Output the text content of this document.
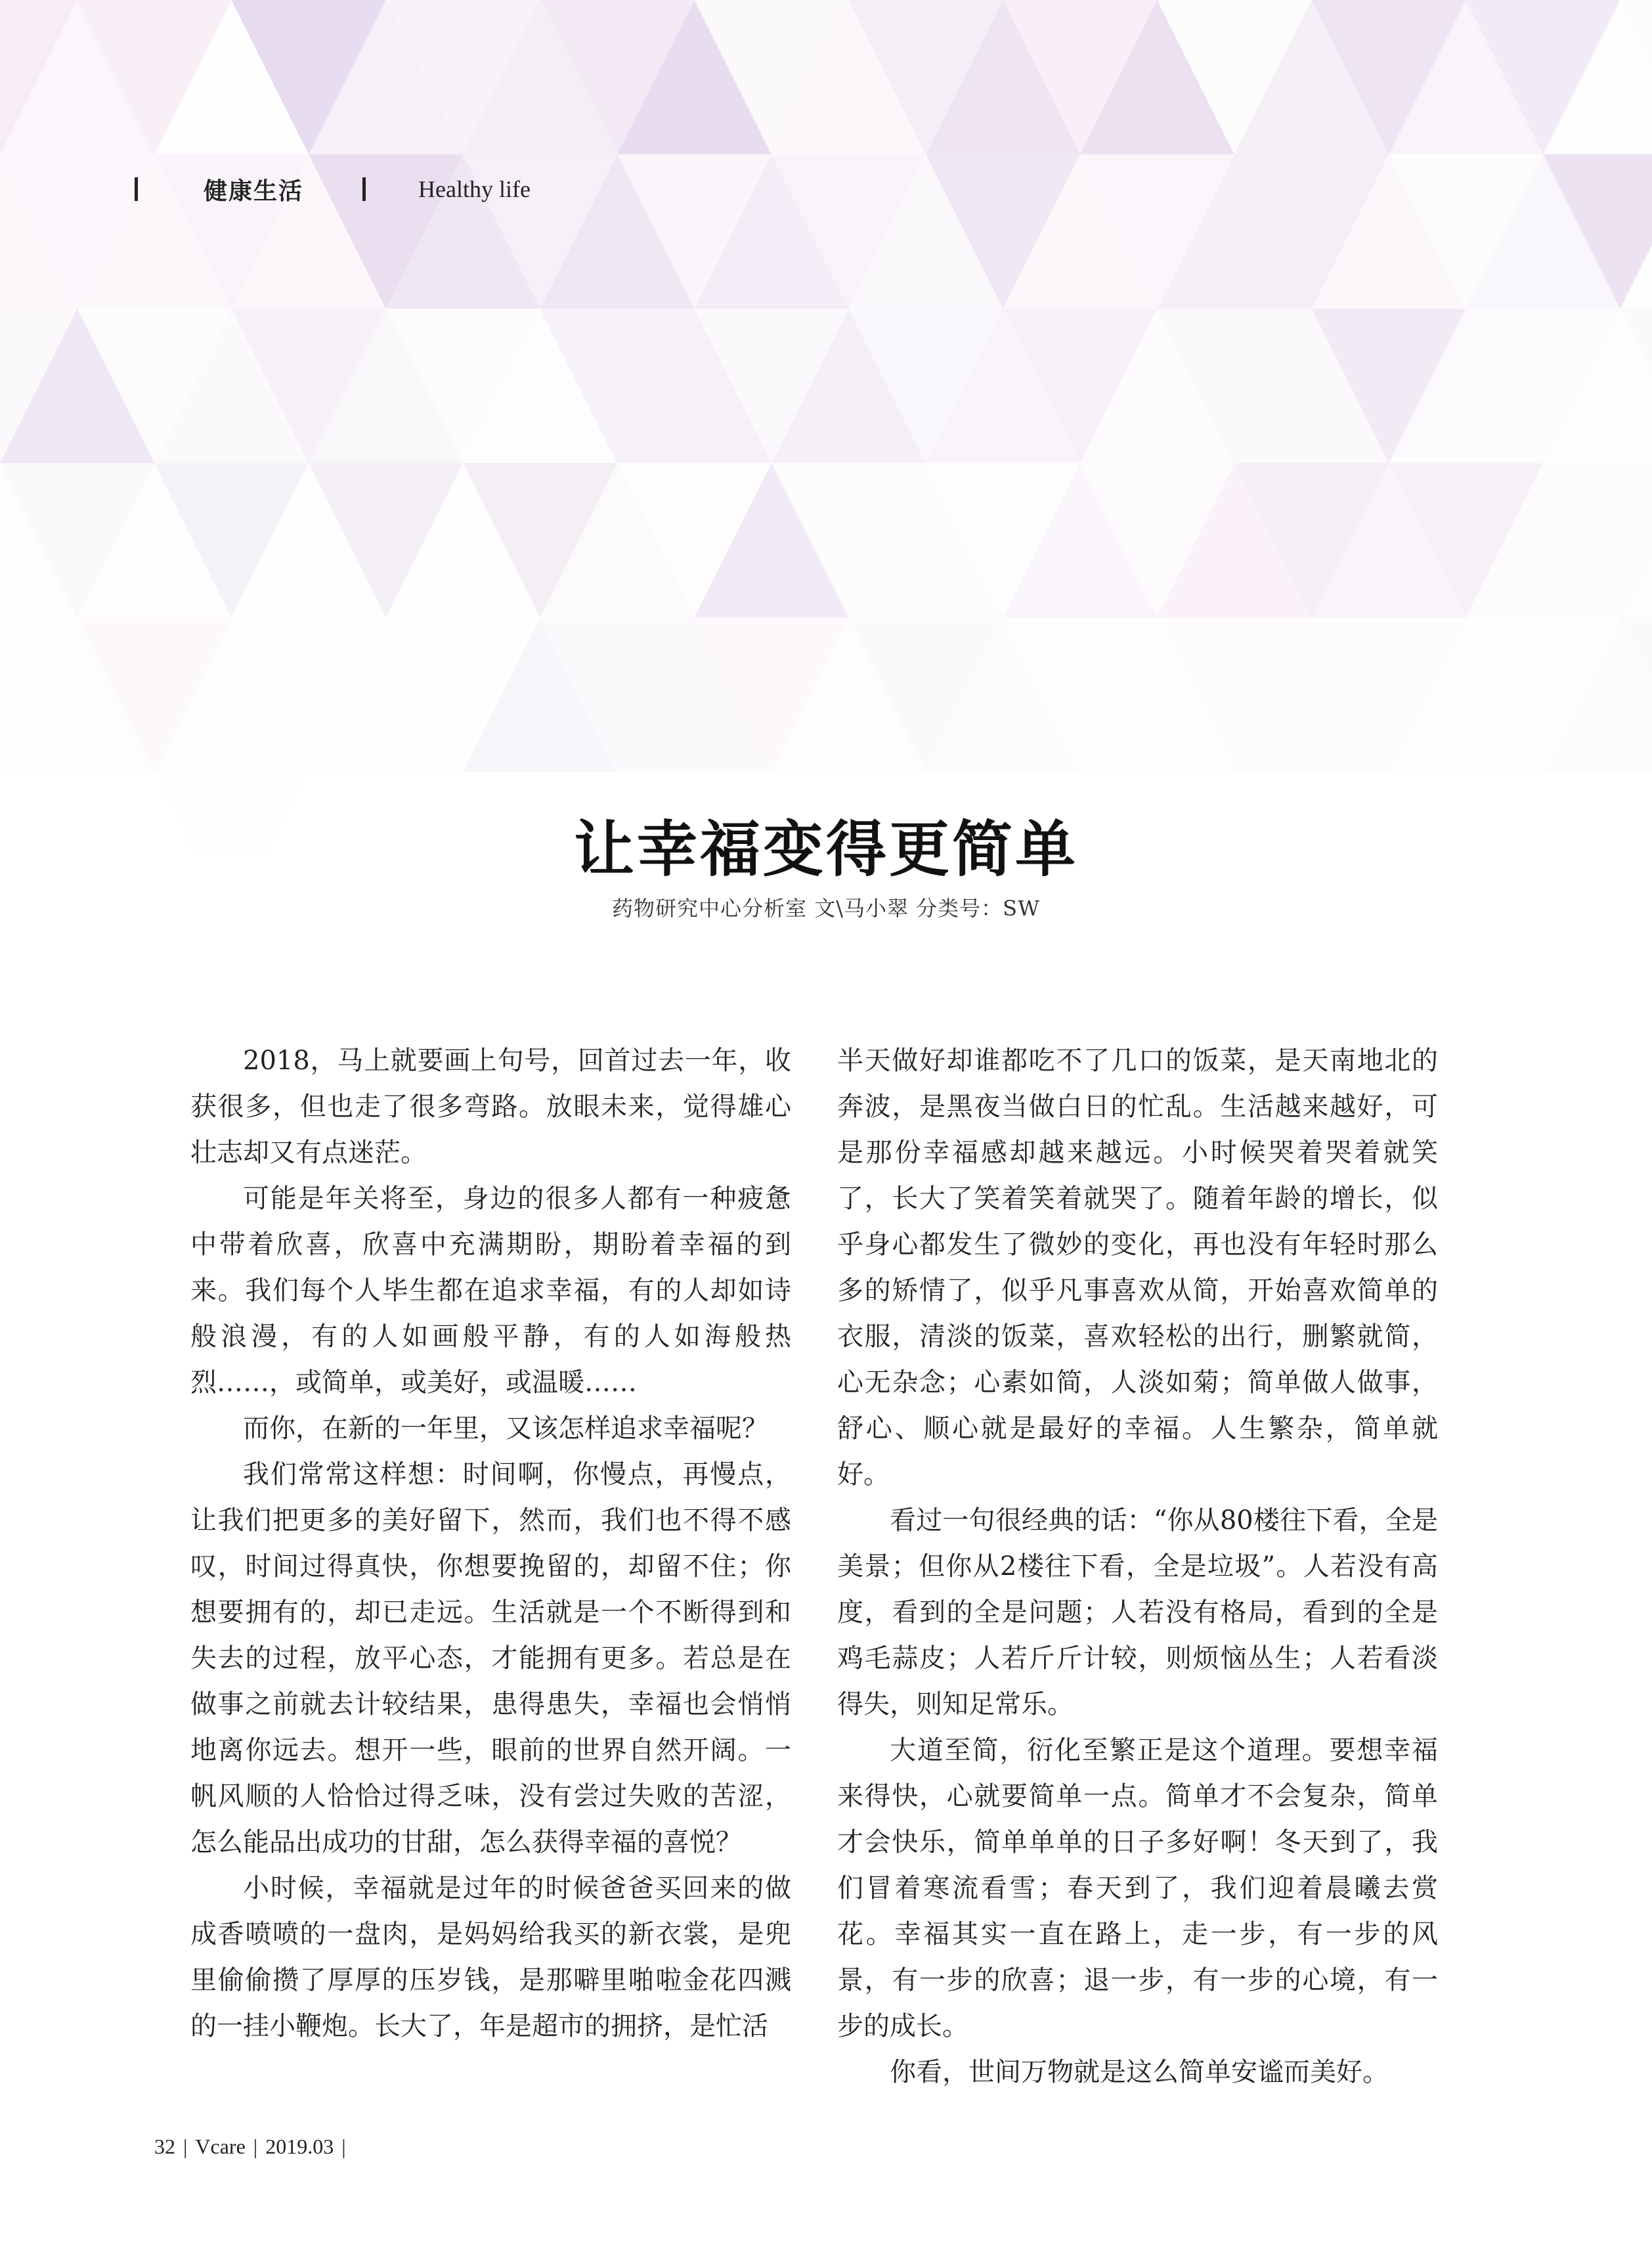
健康生活	Healthy life
让幸福变得更简单
药物研究中心分析室 文\马小翠 分类号：SW

2018，马上就要画上句号，回首过去一年，收获很多，但也走了很多弯路。放眼未来，觉得雄心壮志却又有点迷茫。

可能是年关将至，身边的很多人都有一种疲惫中带着欣喜，欣喜中充满期盼，期盼着幸福的到来。我们每个人毕生都在追求幸福，有的人却如诗般浪漫，有的人如画般平静，有的人如海般热烈……，或简单，或美好，或温暖……

而你，在新的一年里，又该怎样追求幸福呢？

我们常常这样想：时间啊，你慢点，再慢点，让我们把更多的美好留下，然而，我们也不得不感叹，时间过得真快，你想要挽留的，却留不住；你想要拥有的，却已走远。生活就是一个不断得到和失去的过程，放平心态，才能拥有更多。若总是在做事之前就去计较结果，患得患失，幸福也会悄悄地离你远去。想开一些，眼前的世界自然开阔。一帆风顺的人恰恰过得乏味，没有尝过失败的苦涩，怎么能品出成功的甘甜，怎么获得幸福的喜悦？

小时候，幸福就是过年的时候爸爸买回来的做成香喷喷的一盘肉，是妈妈给我买的新衣裳，是兜里偷偷攒了厚厚的压岁钱，是那噼里啪啦金花四溅的一挂小鞭炮。长大了，年是超市的拥挤，是忙活

半天做好却谁都吃不了几口的饭菜，是天南地北的奔波，是黑夜当做白日的忙乱。生活越来越好，可是那份幸福感却越来越远。小时候哭着哭着就笑了，长大了笑着笑着就哭了。随着年龄的增长，似乎身心都发生了微妙的变化，再也没有年轻时那么多的矫情了，似乎凡事喜欢从简，开始喜欢简单的衣服，清淡的饭菜，喜欢轻松的出行，删繁就简，心无杂念；心素如简，人淡如菊；简单做人做事，舒心、顺心就是最好的幸福。人生繁杂，简单就好。

看过一句很经典的话：“你从80楼往下看，全是美景；但你从2楼往下看，全是垃圾”。人若没有高度，看到的全是问题；人若没有格局，看到的全是鸡毛蒜皮；人若斤斤计较，则烦恼丛生；人若看淡得失，则知足常乐。

大道至简，衍化至繁正是这个道理。要想幸福来得快，心就要简单一点。简单才不会复杂，简单才会快乐，简单单单的日子多好啊！冬天到了，我们冒着寒流看雪；春天到了，我们迎着晨曦去赏花。幸福其实一直在路上，走一步，有一步的风景，有一步的欣喜；退一步，有一步的心境，有一步的成长。

你看，世间万物就是这么简单安谧而美好。

32 | Vcare | 2019.03 |
